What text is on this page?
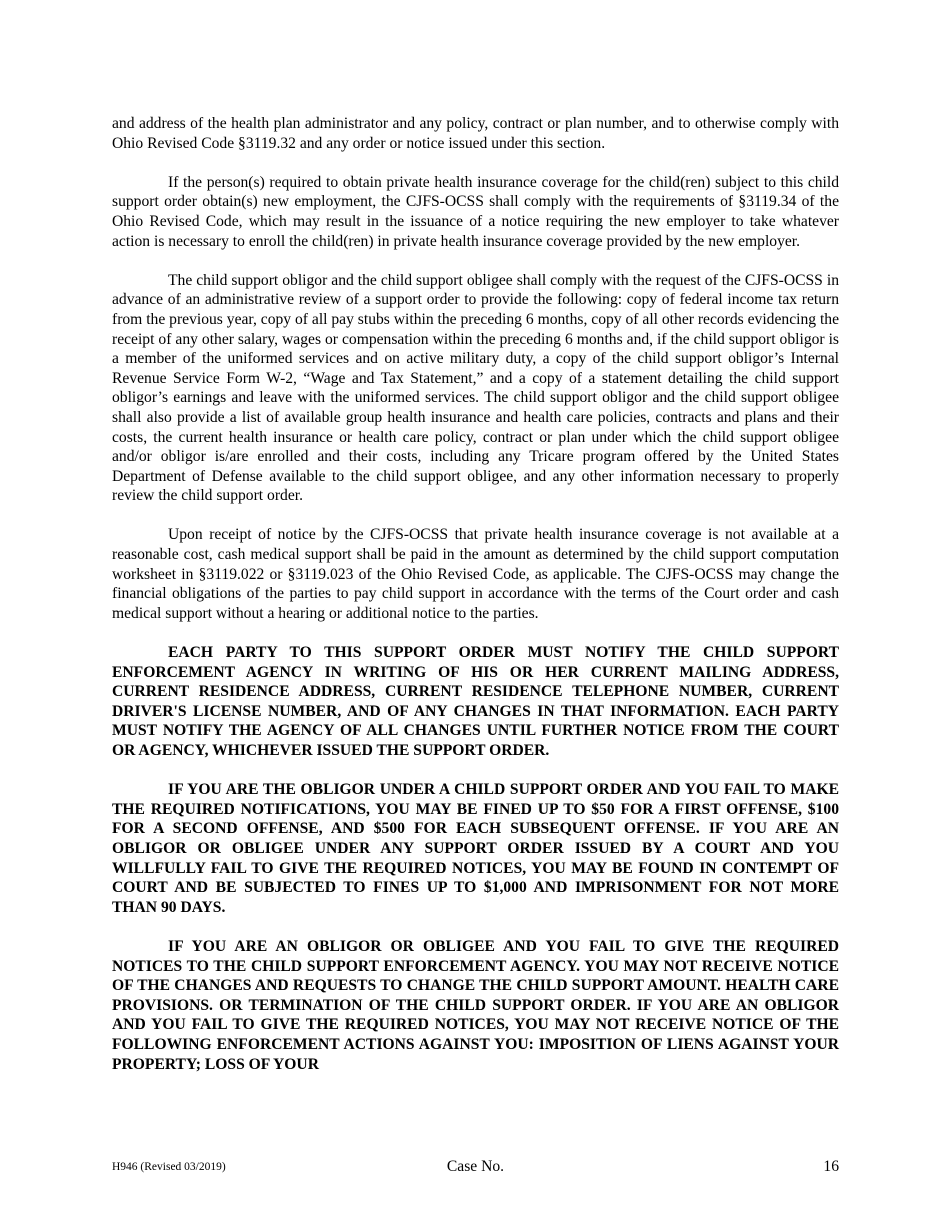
and address of the health plan administrator and any policy, contract or plan number, and to otherwise comply with Ohio Revised Code §3119.32 and any order or notice issued under this section.

If the person(s) required to obtain private health insurance coverage for the child(ren) subject to this child support order obtain(s) new employment, the CJFS-OCSS shall comply with the requirements of §3119.34 of the Ohio Revised Code, which may result in the issuance of a notice requiring the new employer to take whatever action is necessary to enroll the child(ren) in private health insurance coverage provided by the new employer.

The child support obligor and the child support obligee shall comply with the request of the CJFS-OCSS in advance of an administrative review of a support order to provide the following: copy of federal income tax return from the previous year, copy of all pay stubs within the preceding 6 months, copy of all other records evidencing the receipt of any other salary, wages or compensation within the preceding 6 months and, if the child support obligor is a member of the uniformed services and on active military duty, a copy of the child support obligor’s Internal Revenue Service Form W-2, “Wage and Tax Statement,” and a copy of a statement detailing the child support obligor’s earnings and leave with the uniformed services. The child support obligor and the child support obligee shall also provide a list of available group health insurance and health care policies, contracts and plans and their costs, the current health insurance or health care policy, contract or plan under which the child support obligee and/or obligor is/are enrolled and their costs, including any Tricare program offered by the United States Department of Defense available to the child support obligee, and any other information necessary to properly review the child support order.

Upon receipt of notice by the CJFS-OCSS that private health insurance coverage is not available at a reasonable cost, cash medical support shall be paid in the amount as determined by the child support computation worksheet in §3119.022 or §3119.023 of the Ohio Revised Code, as applicable. The CJFS-OCSS may change the financial obligations of the parties to pay child support in accordance with the terms of the Court order and cash medical support without a hearing or additional notice to the parties.

EACH PARTY TO THIS SUPPORT ORDER MUST NOTIFY THE CHILD SUPPORT ENFORCEMENT AGENCY IN WRITING OF HIS OR HER CURRENT MAILING ADDRESS, CURRENT RESIDENCE ADDRESS, CURRENT RESIDENCE TELEPHONE NUMBER, CURRENT DRIVER'S LICENSE NUMBER, AND OF ANY CHANGES IN THAT INFORMATION. EACH PARTY MUST NOTIFY THE AGENCY OF ALL CHANGES UNTIL FURTHER NOTICE FROM THE COURT OR AGENCY, WHICHEVER ISSUED THE SUPPORT ORDER.

IF YOU ARE THE OBLIGOR UNDER A CHILD SUPPORT ORDER AND YOU FAIL TO MAKE THE REQUIRED NOTIFICATIONS, YOU MAY BE FINED UP TO $50 FOR A FIRST OFFENSE, $100 FOR A SECOND OFFENSE, AND $500 FOR EACH SUBSEQUENT OFFENSE. IF YOU ARE AN OBLIGOR OR OBLIGEE UNDER ANY SUPPORT ORDER ISSUED BY A COURT AND YOU WILLFULLY FAIL TO GIVE THE REQUIRED NOTICES, YOU MAY BE FOUND IN CONTEMPT OF COURT AND BE SUBJECTED TO FINES UP TO $1,000 AND IMPRISONMENT FOR NOT MORE THAN 90 DAYS.

IF YOU ARE AN OBLIGOR OR OBLIGEE AND YOU FAIL TO GIVE THE REQUIRED NOTICES TO THE CHILD SUPPORT ENFORCEMENT AGENCY. YOU MAY NOT RECEIVE NOTICE OF THE CHANGES AND REQUESTS TO CHANGE THE CHILD SUPPORT AMOUNT. HEALTH CARE PROVISIONS. OR TERMINATION OF THE CHILD SUPPORT ORDER. IF YOU ARE AN OBLIGOR AND YOU FAIL TO GIVE THE REQUIRED NOTICES, YOU MAY NOT RECEIVE NOTICE OF THE FOLLOWING ENFORCEMENT ACTIONS AGAINST YOU: IMPOSITION OF LIENS AGAINST YOUR PROPERTY; LOSS OF YOUR

H946 (Revised 03/2019)	Case No.	16
